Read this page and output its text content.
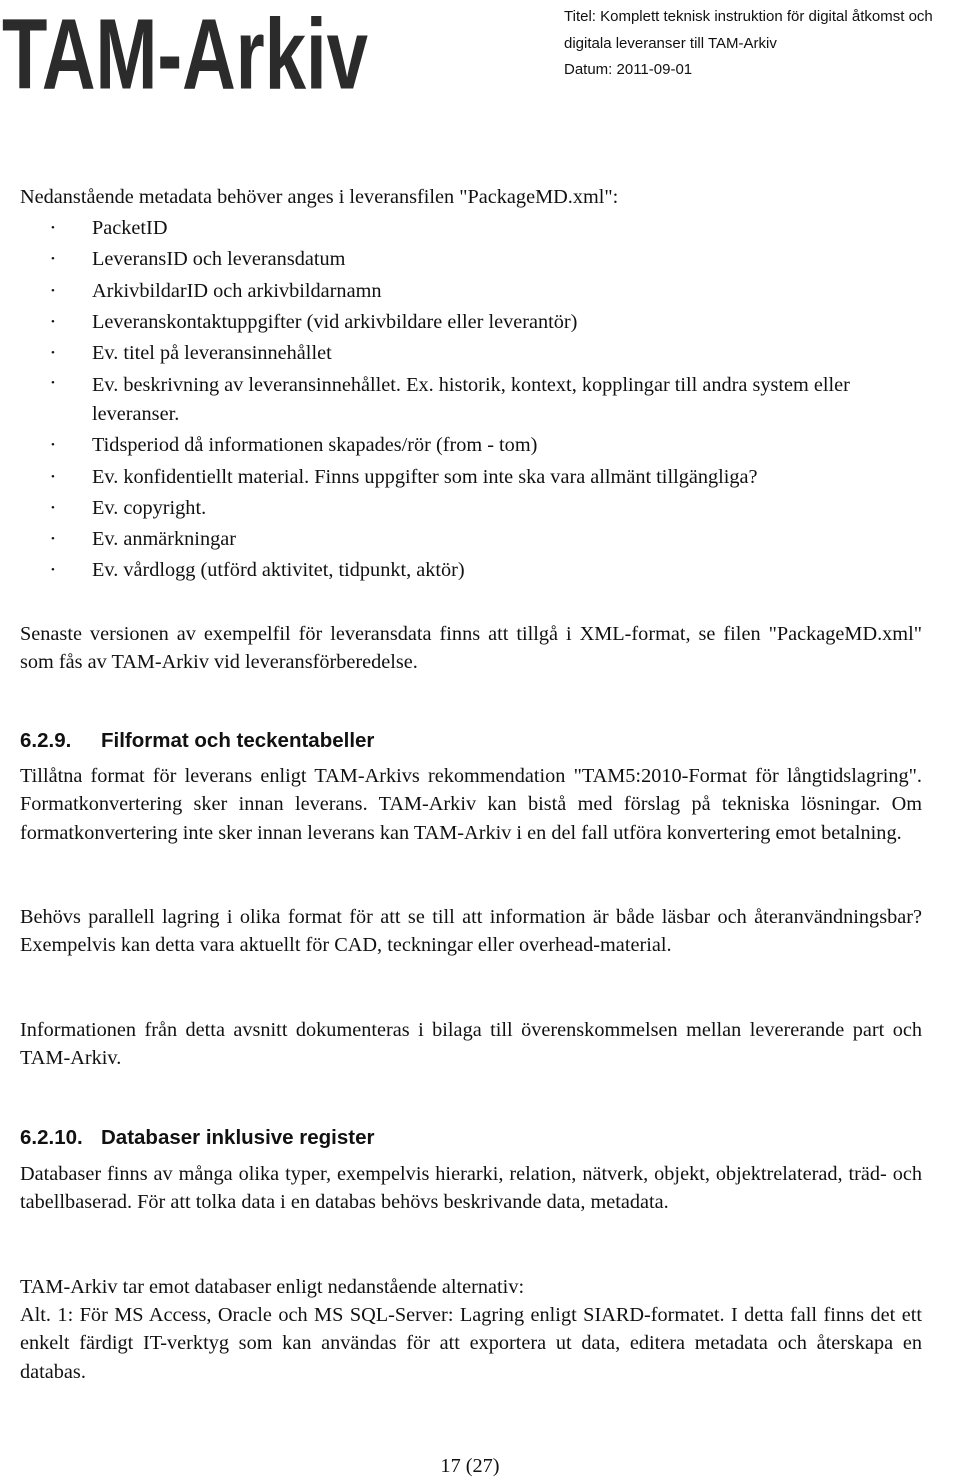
TAM-Arkiv	Titel: Komplett teknisk instruktion för digital åtkomst och
digitala leveranser till TAM-Arkiv
Datum: 2011-09-01

Nedanstående metadata behöver anges i leveransfilen "PackageMD.xml":

• PacketID
• LeveransID och leveransdatum
• ArkivbildarID och arkivbildarnamn
• Leveranskontaktuppgifter (vid arkivbildare eller leverantör)
• Ev. titel på leveransinnehållet
• Ev. beskrivning av leveransinnehållet. Ex. historik, kontext, kopplingar till andra system eller leveranser.
• Tidsperiod då informationen skapades/rör (from - tom)
• Ev. konfidentiellt material. Finns uppgifter som inte ska vara allmänt tillgängliga?
• Ev. copyright.
• Ev. anmärkningar
• Ev. vårdlogg (utförd aktivitet, tidpunkt, aktör)

Senaste versionen av exempelfil för leveransdata finns att tillgå i XML-format, se filen "PackageMD.xml" som fås av TAM-Arkiv vid leveransförberedelse.

6.2.9. Filformat och teckentabeller

Tillåtna format för leverans enligt TAM-Arkivs rekommendation "TAM5:2010-Format för långtidslagring". Formatkonvertering sker innan leverans. TAM-Arkiv kan bistå med förslag på tekniska lösningar. Om formatkonvertering inte sker innan leverans kan TAM-Arkiv i en del fall utföra konvertering emot betalning.

Behövs parallell lagring i olika format för att se till att information är både läsbar och återanvändningsbar? Exempelvis kan detta vara aktuellt för CAD, teckningar eller overhead-material.

Informationen från detta avsnitt dokumenteras i bilaga till överenskommelsen mellan levererande part och TAM-Arkiv.

6.2.10. Databaser inklusive register

Databaser finns av många olika typer, exempelvis hierarki, relation, nätverk, objekt, objektrelaterad, träd- och tabellbaserad. För att tolka data i en databas behövs beskrivande data, metadata.

TAM-Arkiv tar emot databaser enligt nedanstående alternativ:

Alt. 1: För MS Access, Oracle och MS SQL-Server: Lagring enligt SIARD-formatet. I detta fall finns det ett enkelt färdigt IT-verktyg som kan användas för att exportera ut data, editera metadata och återskapa en databas.

17 (27)
